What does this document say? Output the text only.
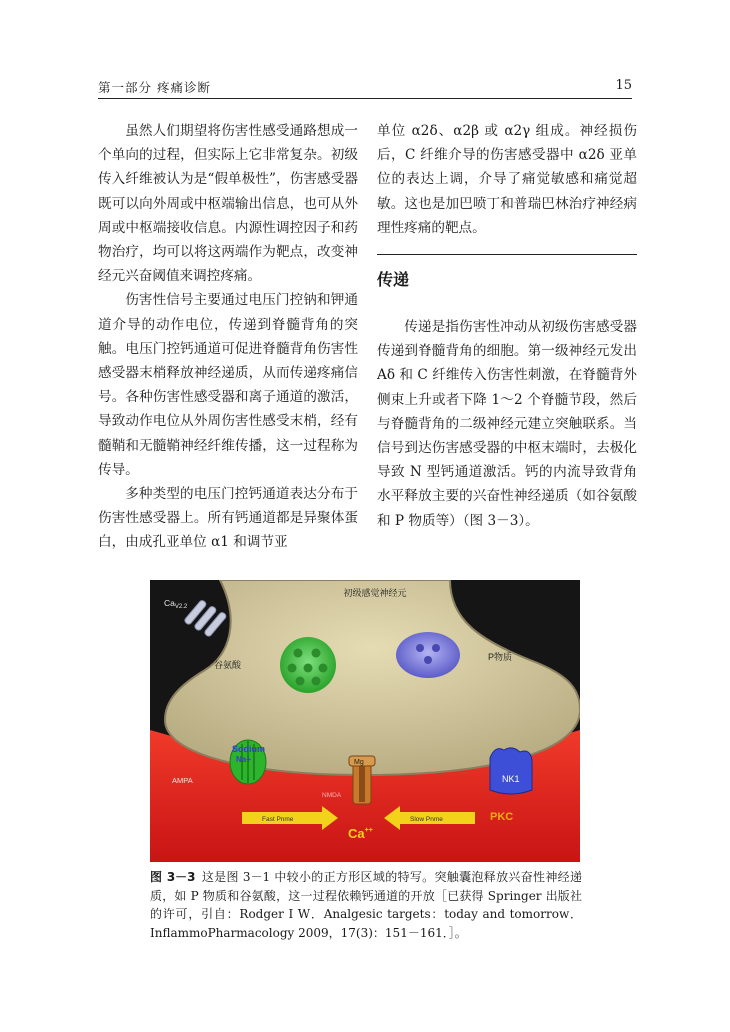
第一部分 疼痛诊断	15

虽然人们期望将伤害性感受通路想成一个单向的过程，但实际上它非常复杂。初级传入纤维被认为是“假单极性”，伤害感受器既可以向外周或中枢端输出信息，也可从外周或中枢端接收信息。内源性调控因子和药物治疗，均可以将这两端作为靶点，改变神经元兴奋阈值来调控疼痛。

伤害性信号主要通过电压门控钠和钾通道介导的动作电位，传递到脊髓背角的突触。电压门控钙通道可促进脊髓背角伤害性感受器末梢释放神经递质，从而传递疼痛信号。各种伤害性感受器和离子通道的激活，导致动作电位从外周伤害性感受末梢，经有髓鞘和无髓鞘神经纤维传播，这一过程称为传导。

多种类型的电压门控钙通道表达分布于伤害性感受器上。所有钙通道都是异聚体蛋白，由成孔亚单位 α1 和调节亚

单位 α2δ、α2β 或 α2γ 组成。神经损伤后，C 纤维介导的伤害感受器中 α2δ 亚单位的表达上调，介导了痛觉敏感和痛觉超敏。这也是加巴喷丁和普瑞巴林治疗神经病理性疼痛的靶点。

传递

传递是指伤害性冲动从初级伤害感受器传递到脊髓背角的细胞。第一级神经元发出 Aδ 和 C 纤维传入伤害性刺激，在脊髓背外侧束上升或者下降 1～2 个脊髓节段，然后与脊髓背角的二级神经元建立突触联系。当信号到达伤害感受器的中枢末端时，去极化导致 N 型钙通道激活。钙的内流导致背角水平释放主要的兴奋性神经递质（如谷氨酸和 P 物质等）（图 3－3）。

初级感觉神经元
$Ca_{V2.2}$
谷氨酸
P物质
Sodium
Na+
AMPA
Mg
NMDA
NK1
Fast Pnme	Slow Pnme
Ca++
PKC
图 3－3 这是图 3－1 中较小的正方形区域的特写。突触囊泡释放兴奋性神经递质，如 P 物质和谷氨酸，这一过程依赖钙通道的开放［已获得 Springer 出版社的许可，引自：Rodger I W．Analgesic targets：today and tomorrow．InflammoPharmacology 2009，17(3)：151－161．］。
